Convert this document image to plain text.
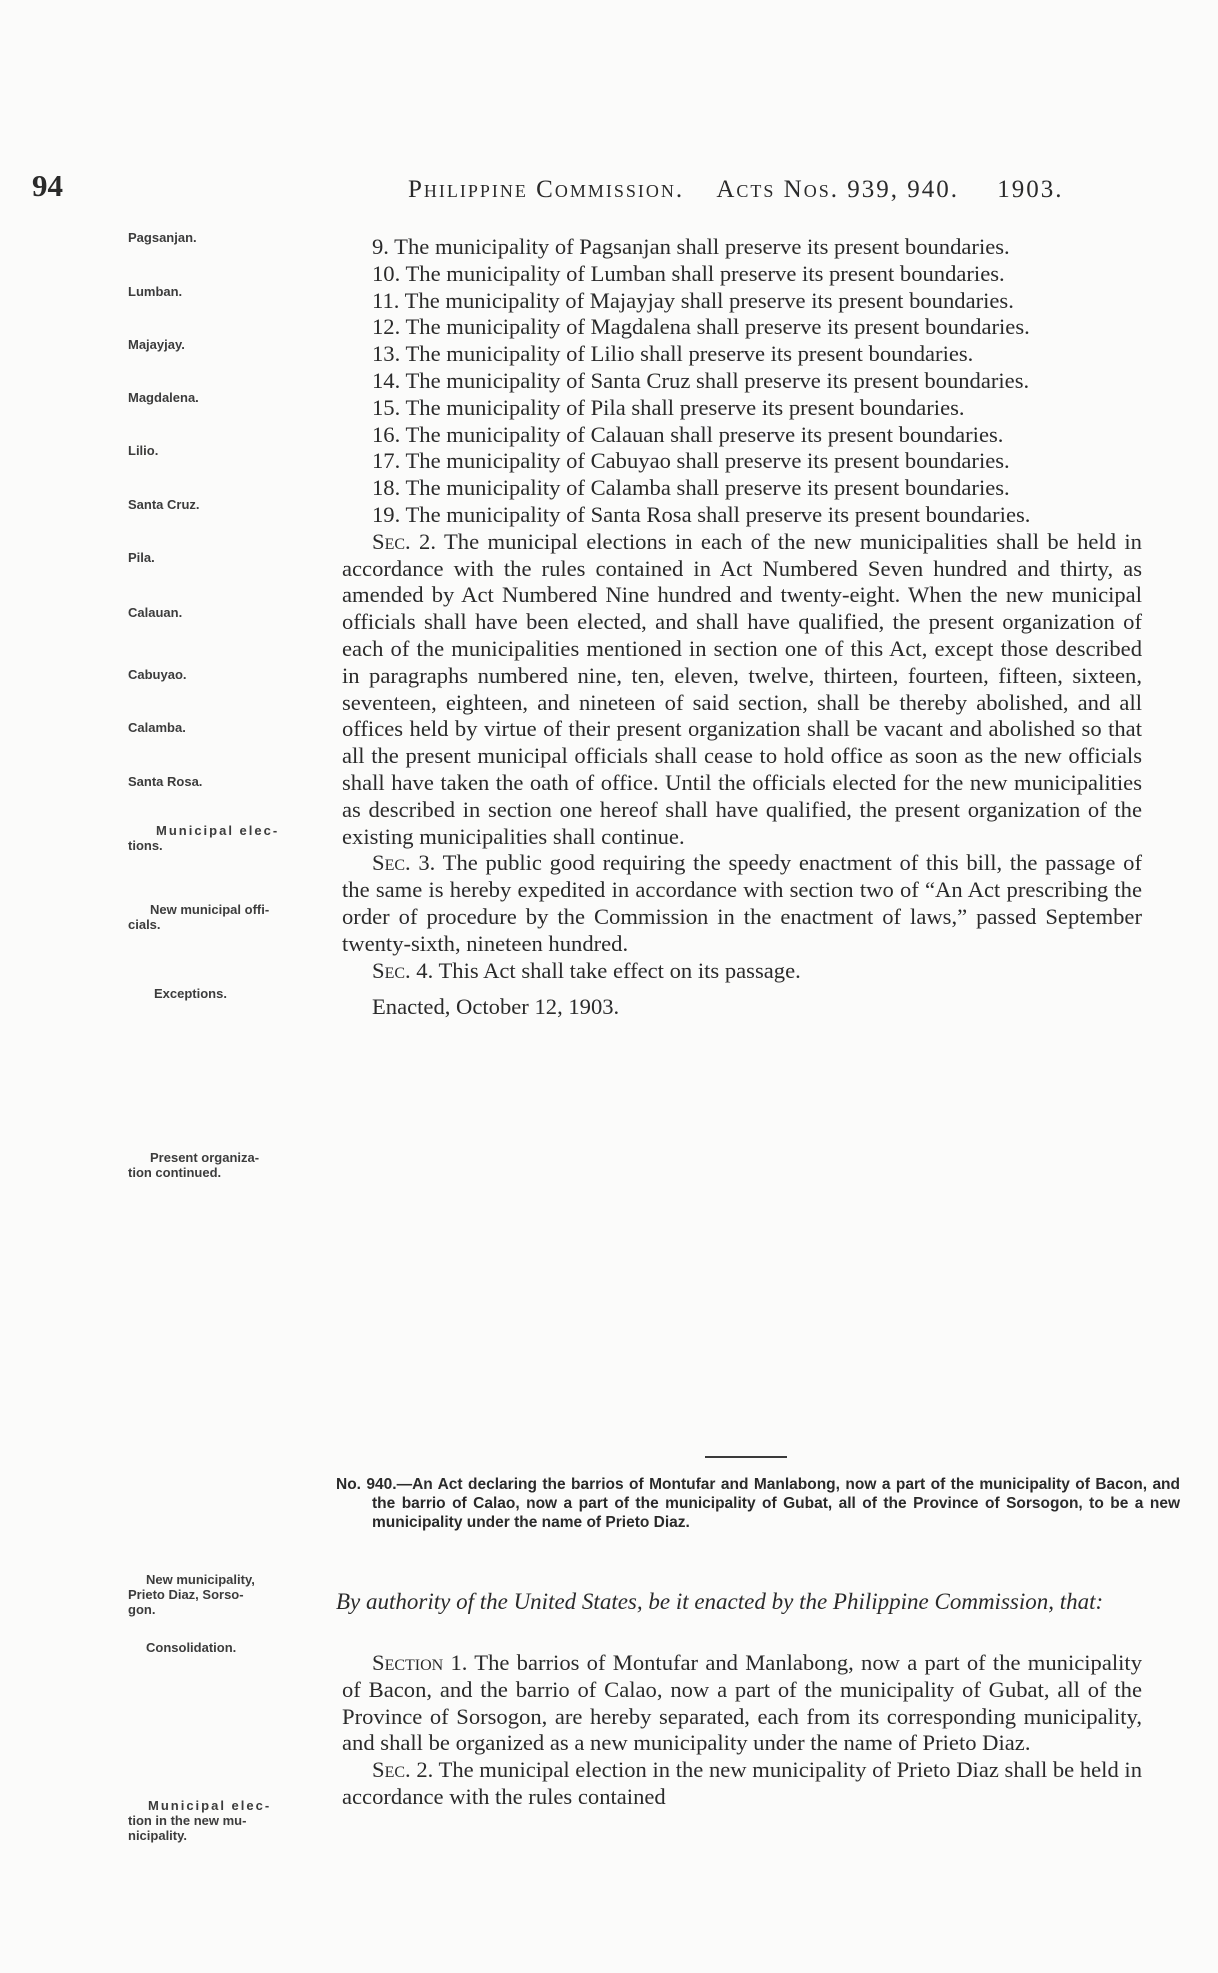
94	Philippine Commission. Acts Nos. 939, 940. 1903.
Pagsanjan.
Lumban.
Majayjay.
Magdalena.
Lilio.
Santa Cruz.
Pila.
Calauan.
Cabuyao.
Calamba.
Santa Rosa.
Municipal elec-
tions.
New municipal offi-
cials.
Exceptions.
Present organiza-
tion continued.
New municipality,
Prieto Diaz, Sorso-
gon.
Consolidation.
Municipal elec-
tion in the new mu-
nicipality.

9. The municipality of Pagsanjan shall preserve its present boundaries.

10. The municipality of Lumban shall preserve its present boundaries.

11. The municipality of Majayjay shall preserve its present boundaries.

12. The municipality of Magdalena shall preserve its present boundaries.

13. The municipality of Lilio shall preserve its present boundaries.

14. The municipality of Santa Cruz shall preserve its present boundaries.

15. The municipality of Pila shall preserve its present boundaries.

16. The municipality of Calauan shall preserve its present boundaries.

17. The municipality of Cabuyao shall preserve its present boundaries.

18. The municipality of Calamba shall preserve its present boundaries.

19. The municipality of Santa Rosa shall preserve its present boundaries.

Sec. 2. The municipal elections in each of the new municipalities shall be held in accordance with the rules contained in Act Numbered Seven hundred and thirty, as amended by Act Numbered Nine hundred and twenty-eight. When the new municipal officials shall have been elected, and shall have qualified, the present organization of each of the municipalities mentioned in section one of this Act, except those described in paragraphs numbered nine, ten, eleven, twelve, thirteen, fourteen, fifteen, sixteen, seventeen, eighteen, and nineteen of said section, shall be thereby abolished, and all offices held by virtue of their present organization shall be vacant and abolished so that all the present municipal officials shall cease to hold office as soon as the new officials shall have taken the oath of office. Until the officials elected for the new municipalities as described in section one hereof shall have qualified, the present organization of the existing municipalities shall continue.

Sec. 3. The public good requiring the speedy enactment of this bill, the passage of the same is hereby expedited in accordance with section two of “An Act prescribing the order of procedure by the Commission in the enactment of laws,” passed September twenty-sixth, nineteen hundred.

Sec. 4. This Act shall take effect on its passage.

Enacted, October 12, 1903.

No. 940.—An Act declaring the barrios of Montufar and Manlabong, now a part of the municipality of Bacon, and the barrio of Calao, now a part of the municipality of Gubat, all of the Province of Sorsogon, to be a new municipality under the name of Prieto Diaz.
By authority of the United States, be it enacted by the Philippine Commission, that:

Section 1. The barrios of Montufar and Manlabong, now a part of the municipality of Bacon, and the barrio of Calao, now a part of the municipality of Gubat, all of the Province of Sorsogon, are hereby separated, each from its corresponding municipality, and shall be organized as a new municipality under the name of Prieto Diaz.

Sec. 2. The municipal election in the new municipality of Prieto Diaz shall be held in accordance with the rules contained
